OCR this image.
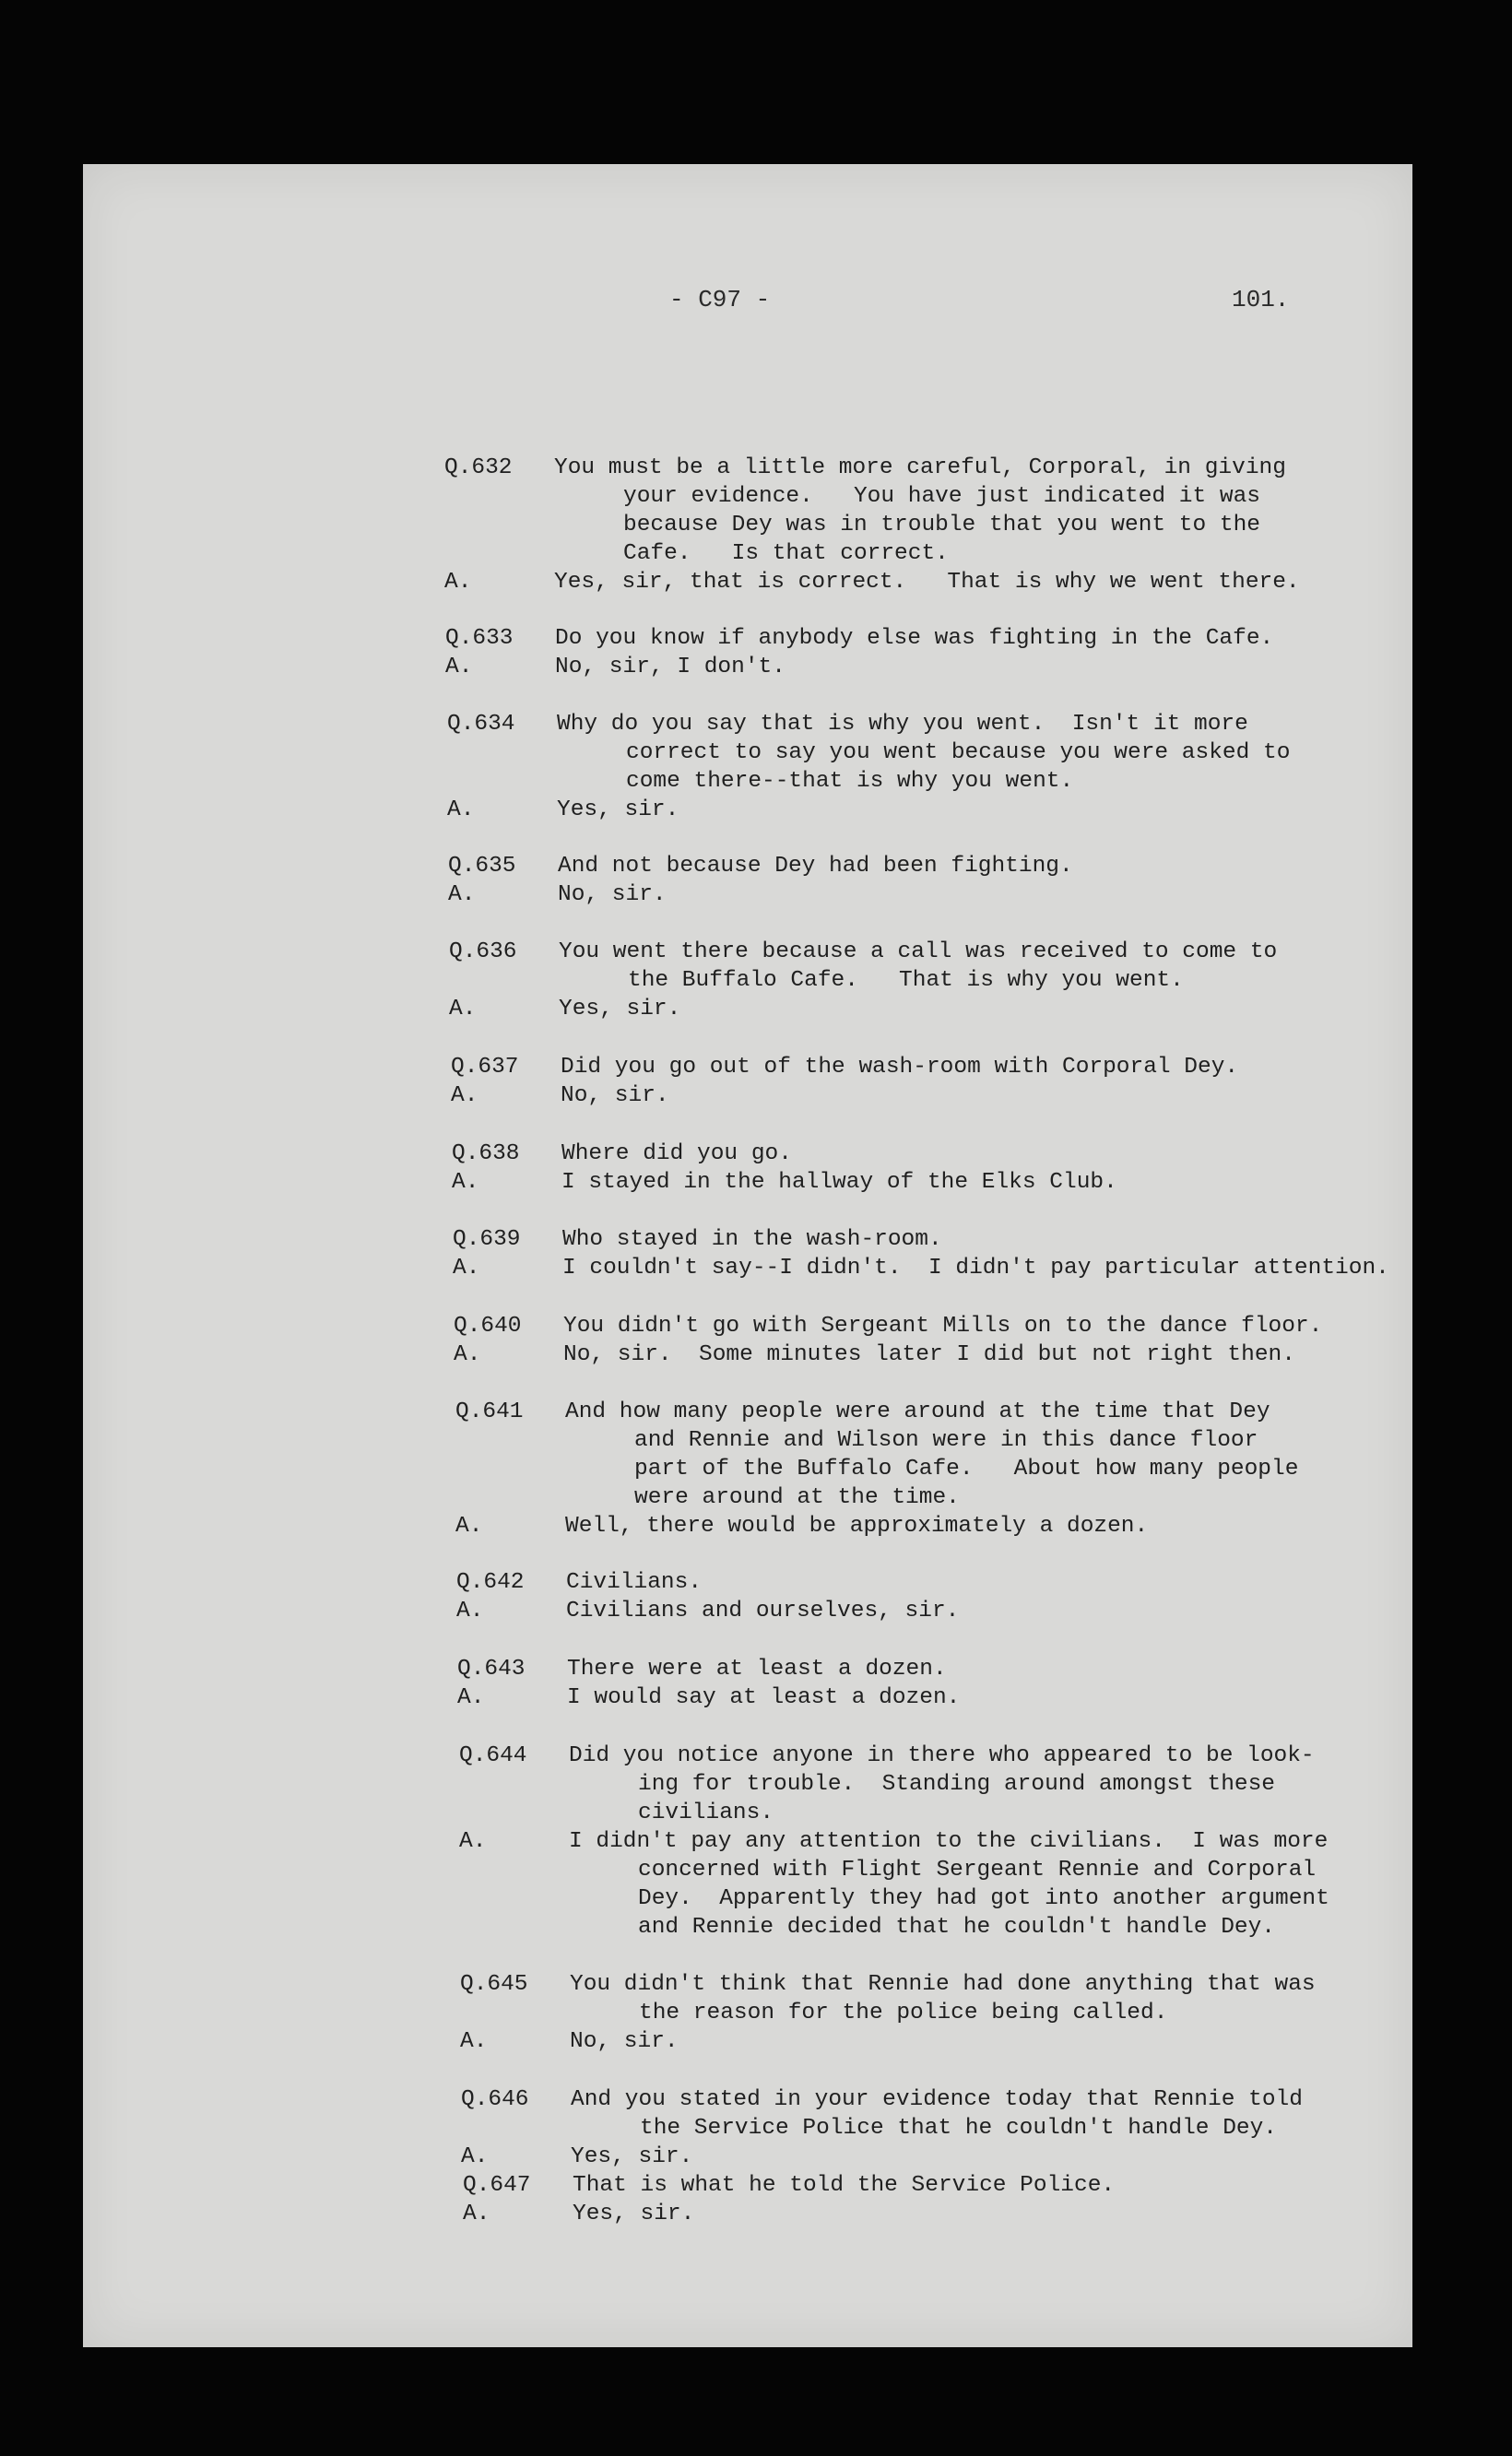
- C97 -	101.
Q.632 You must be a little more careful, Corporal, in giving
your evidence.   You have just indicated it was
because Dey was in trouble that you went to the
Cafe.   Is that correct.
A.	Yes, sir, that is correct.   That is why we went there.
Q.633 Do you know if anybody else was fighting in the Cafe.
A.	No, sir, I don't.
Q.634 Why do you say that is why you went.  Isn't it more
correct to say you went because you were asked to
come there--that is why you went.
A.	Yes, sir.
Q.635 And not because Dey had been fighting.
A.	No, sir.
Q.636 You went there because a call was received to come to
the Buffalo Cafe.   That is why you went.
A.	Yes, sir.
Q.637 Did you go out of the wash-room with Corporal Dey.
A.	No, sir.
Q.638 Where did you go.
A.	I stayed in the hallway of the Elks Club.
Q.639 Who stayed in the wash-room.
A.	I couldn't say--I didn't.  I didn't pay particular attention.
Q.640 You didn't go with Sergeant Mills on to the dance floor.
A.	No, sir.  Some minutes later I did but not right then.
Q.641 And how many people were around at the time that Dey
and Rennie and Wilson were in this dance floor
part of the Buffalo Cafe.   About how many people
were around at the time.
A.	Well, there would be approximately a dozen.
Q.642 Civilians.
A.	Civilians and ourselves, sir.
Q.643 There were at least a dozen.
A.	I would say at least a dozen.
Q.644 Did you notice anyone in there who appeared to be look-
ing for trouble.  Standing around amongst these
civilians.
A.	I didn't pay any attention to the civilians.  I was more
concerned with Flight Sergeant Rennie and Corporal
Dey.  Apparently they had got into another argument
and Rennie decided that he couldn't handle Dey.
Q.645 You didn't think that Rennie had done anything that was
the reason for the police being called.
A.	No, sir.
Q.646 And you stated in your evidence today that Rennie told
the Service Police that he couldn't handle Dey.
A.	Yes, sir.
Q.647 That is what he told the Service Police.
A.	Yes, sir.
